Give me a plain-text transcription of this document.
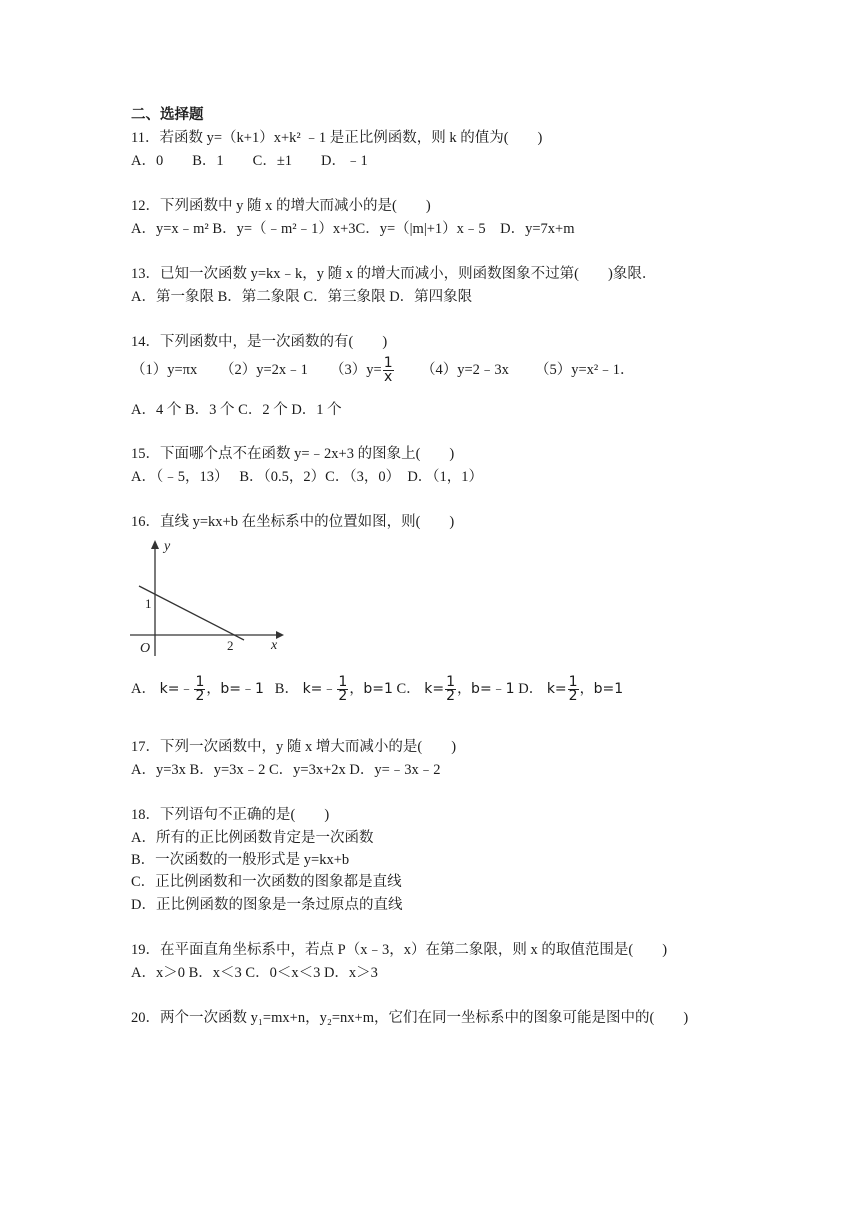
二、选择题
11．若函数 y=（k+1）x+k² ﹣1 是正比例函数，则 k 的值为(　　)
A．0　　B．1　　C．±1　　D．﹣1
12．下列函数中 y 随 x 的增大而减小的是(　　)
A．y=x﹣m² B．y=（﹣m²﹣1）x+3C．y=（|m|+1）x﹣5　D．y=7x+m
13．已知一次函数 y=kx﹣k，y 随 x 的增大而减小，则函数图象不过第(　　)象限．
A．第一象限 B．第二象限 C．第三象限 D．第四象限
14．下列函数中，是一次函数的有(　　)
（1）y=πx （2）y=2x﹣1 $(3)y= \frac{1}{x}$ （4）y=2﹣3x （5）y=x²﹣1．
A．4 个 B．3 个 C．2 个 D．1 个
15．下面哪个点不在函数 y=﹣2x+3 的图象上(　　)
A．（﹣5，13）　 B．（0.5，2）C．（3，0）　D．（1，1）
16．直线 y=kx+b 在坐标系中的位置如图，则(　　)
y
x
O
1
2
A． k=﹣ $\frac{1}{2}$ ，b=﹣1 B． k=﹣ $\frac{1}{2}$ ，b=1 C． $k= \frac{1}{2}$ ，b=﹣1 D． $k= \frac{1}{2}$ ，b=1
17．下列一次函数中，y 随 x 增大而减小的是(　　)
A．y=3x B．y=3x﹣2 C．y=3x+2x D．y=﹣3x﹣2
18．下列语句不正确的是(　　)
A．所有的正比例函数肯定是一次函数
B．一次函数的一般形式是 y=kx+b
C．正比例函数和一次函数的图象都是直线
D．正比例函数的图象是一条过原点的直线
19．在平面直角坐标系中，若点 P（x﹣3，x）在第二象限，则 x 的取值范围是(　　)
A．x＞0 B．x＜3 C．0＜x＜3 D．x＞3
20．两个一次函数 y₁=mx+n，y₂=nx+m，它们在同一坐标系中的图象可能是图中的(　　)
